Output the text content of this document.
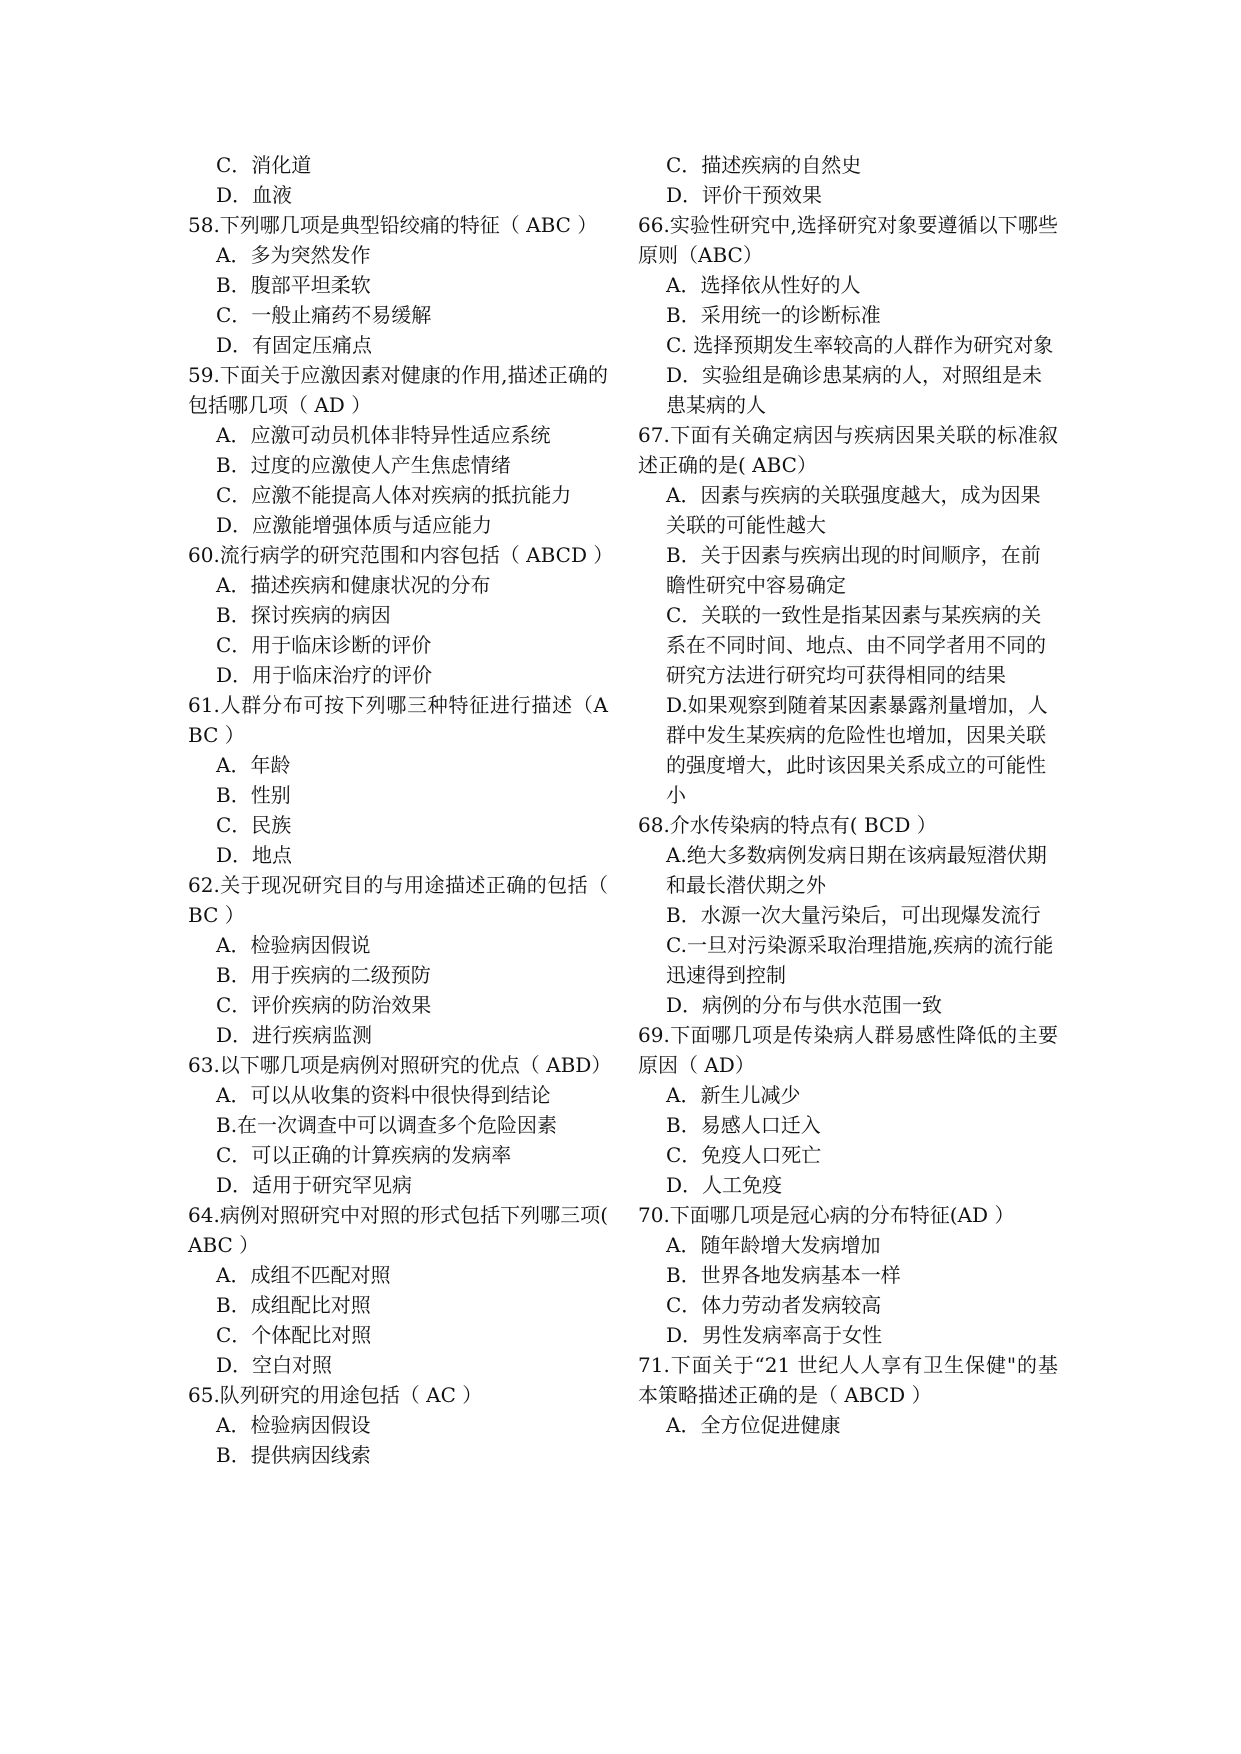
C．消化道

D．血液

58.下列哪几项是典型铅绞痛的特征（ ABC ）

A．多为突然发作

B．腹部平坦柔软

C．一般止痛药不易缓解

D．有固定压痛点

59.下面关于应激因素对健康的作用,描述正确的包括哪几项（ AD ）

A．应激可动员机体非特异性适应系统

B．过度的应激使人产生焦虑情绪

C．应激不能提高人体对疾病的抵抗能力

D．应激能增强体质与适应能力

60.流行病学的研究范围和内容包括（ ABCD ）

A．描述疾病和健康状况的分布

B．探讨疾病的病因

C．用于临床诊断的评价

D．用于临床治疗的评价

61.人群分布可按下列哪三种特征进行描述（ABC ）

A．年龄

B．性别

C．民族

D．地点

62.关于现况研究目的与用途描述正确的包括（ BC ）

A．检验病因假说

B．用于疾病的二级预防

C．评价疾病的防治效果

D．进行疾病监测

63.以下哪几项是病例对照研究的优点（ ABD）

A．可以从收集的资料中很快得到结论

B.在一次调查中可以调查多个危险因素

C．可以正确的计算疾病的发病率

D．适用于研究罕见病

64.病例对照研究中对照的形式包括下列哪三项( ABC ）

A．成组不匹配对照

B．成组配比对照

C．个体配比对照

D．空白对照

65.队列研究的用途包括（ AC ）

A．检验病因假设

B．提供病因线索

C．描述疾病的自然史

D．评价干预效果

66.实验性研究中,选择研究对象要遵循以下哪些原则（ABC）

A．选择依从性好的人

B．采用统一的诊断标准

C. 选择预期发生率较高的人群作为研究对象

D．实验组是确诊患某病的人，对照组是未患某病的人

67.下面有关确定病因与疾病因果关联的标准叙述正确的是( ABC）

A．因素与疾病的关联强度越大，成为因果关联的可能性越大

B．关于因素与疾病出现的时间顺序，在前瞻性研究中容易确定

C．关联的一致性是指某因素与某疾病的关系在不同时间、地点、由不同学者用不同的研究方法进行研究均可获得相同的结果

D.如果观察到随着某因素暴露剂量增加，人群中发生某疾病的危险性也增加，因果关联的强度增大，此时该因果关系成立的可能性小

68.介水传染病的特点有( BCD ）

A.绝大多数病例发病日期在该病最短潜伏期和最长潜伏期之外

B．水源一次大量污染后，可出现爆发流行

C.一旦对污染源采取治理措施,疾病的流行能迅速得到控制

D．病例的分布与供水范围一致

69.下面哪几项是传染病人群易感性降低的主要原因（ AD）

A．新生儿减少

B．易感人口迁入

C．免疫人口死亡

D．人工免疫

70.下面哪几项是冠心病的分布特征(AD ）

A．随年龄增大发病增加

B．世界各地发病基本一样

C．体力劳动者发病较高

D．男性发病率高于女性

71.下面关于“21 世纪人人享有卫生保健"的基本策略描述正确的是（ ABCD ）

A．全方位促进健康
